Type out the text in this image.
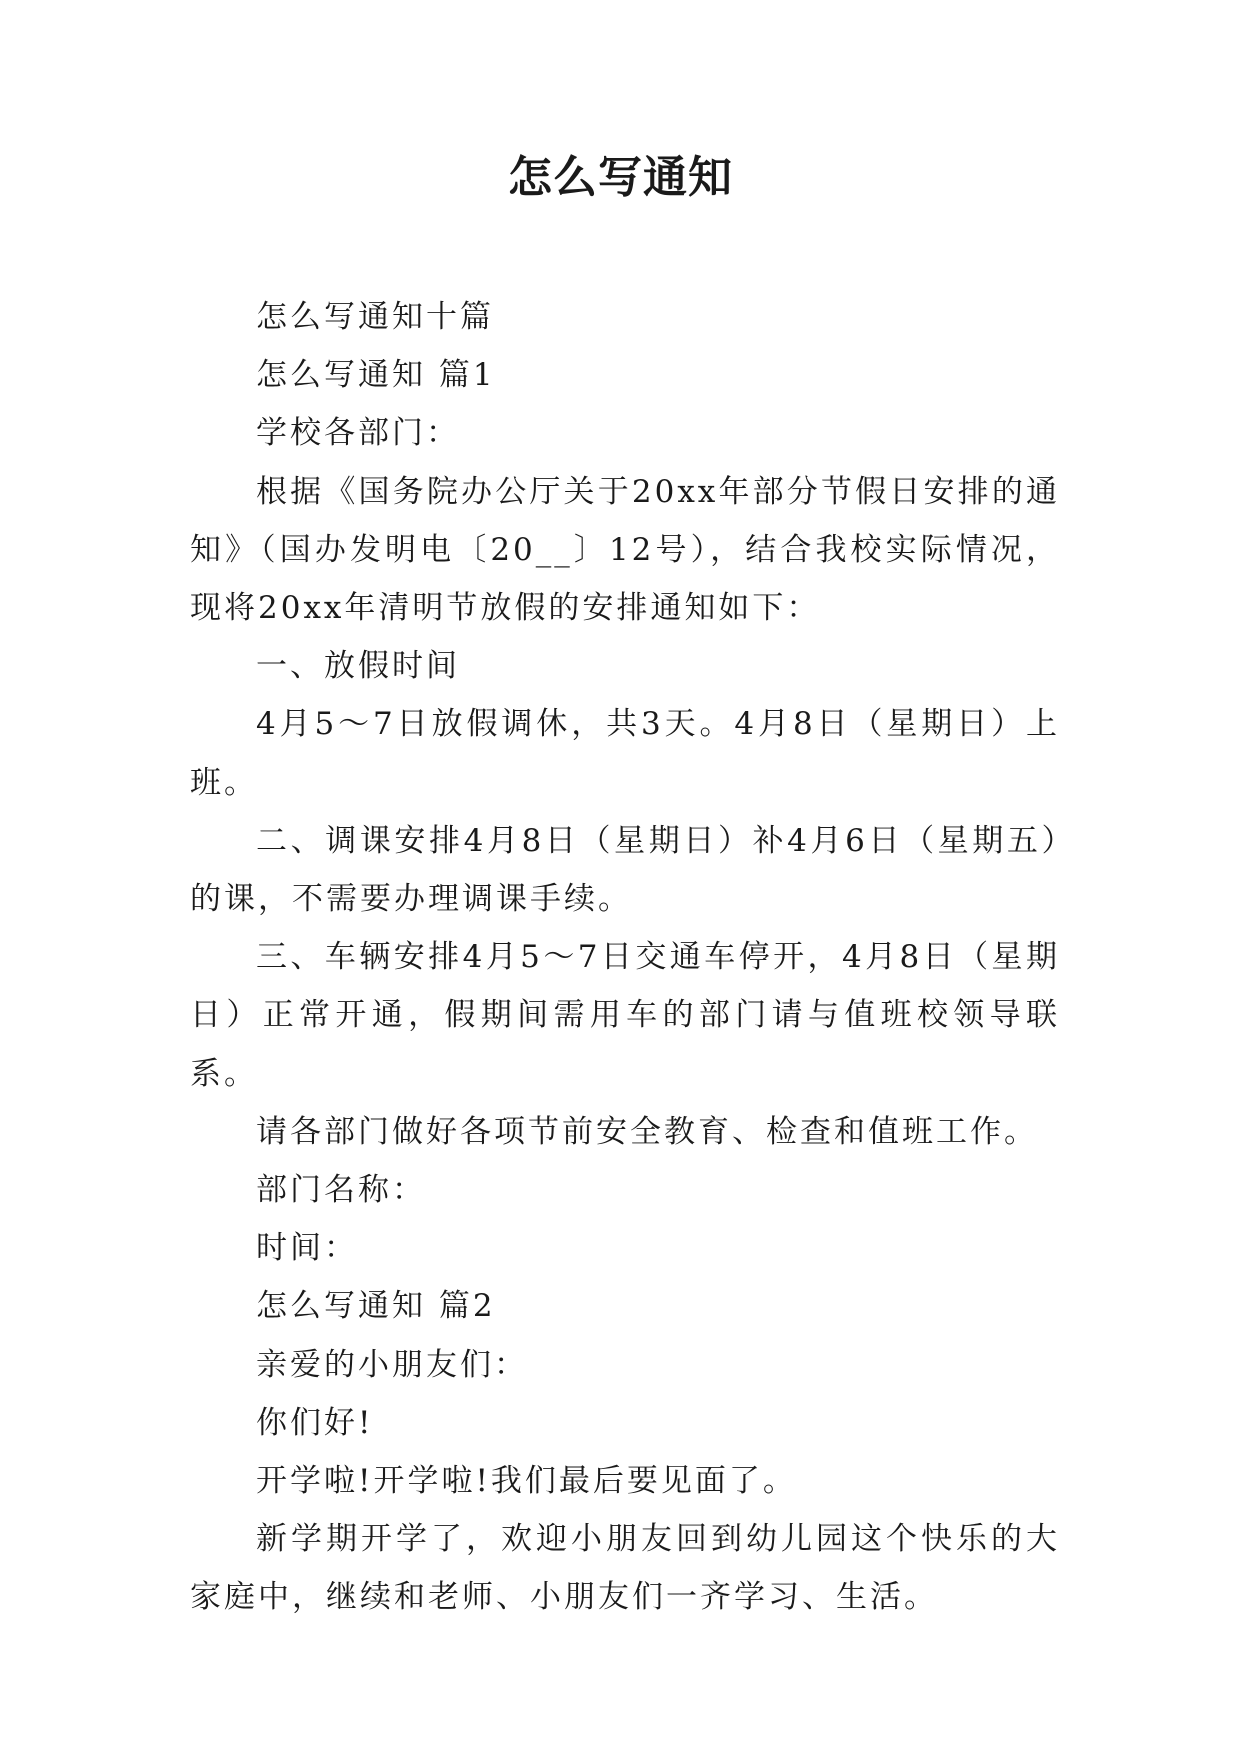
怎么写通知

怎么写通知十篇

怎么写通知 篇1

学校各部门：

根据《国务院办公厅关于20xx年部分节假日安排的通知》（国办发明电〔20__〕12号），结合我校实际情况，现将20xx年清明节放假的安排通知如下：

一、放假时间

4月5～7日放假调休，共3天。4月8日（星期日）上班。

二、调课安排4月8日（星期日）补4月6日（星期五）的课，不需要办理调课手续。

三、车辆安排4月5～7日交通车停开，4月8日（星期日）正常开通，假期间需用车的部门请与值班校领导联系。

请各部门做好各项节前安全教育、检查和值班工作。

部门名称：

时间：

怎么写通知 篇2

亲爱的小朋友们：

你们好!

开学啦!开学啦!我们最后要见面了。

新学期开学了，欢迎小朋友回到幼儿园这个快乐的大家庭中，继续和老师、小朋友们一齐学习、生活。
